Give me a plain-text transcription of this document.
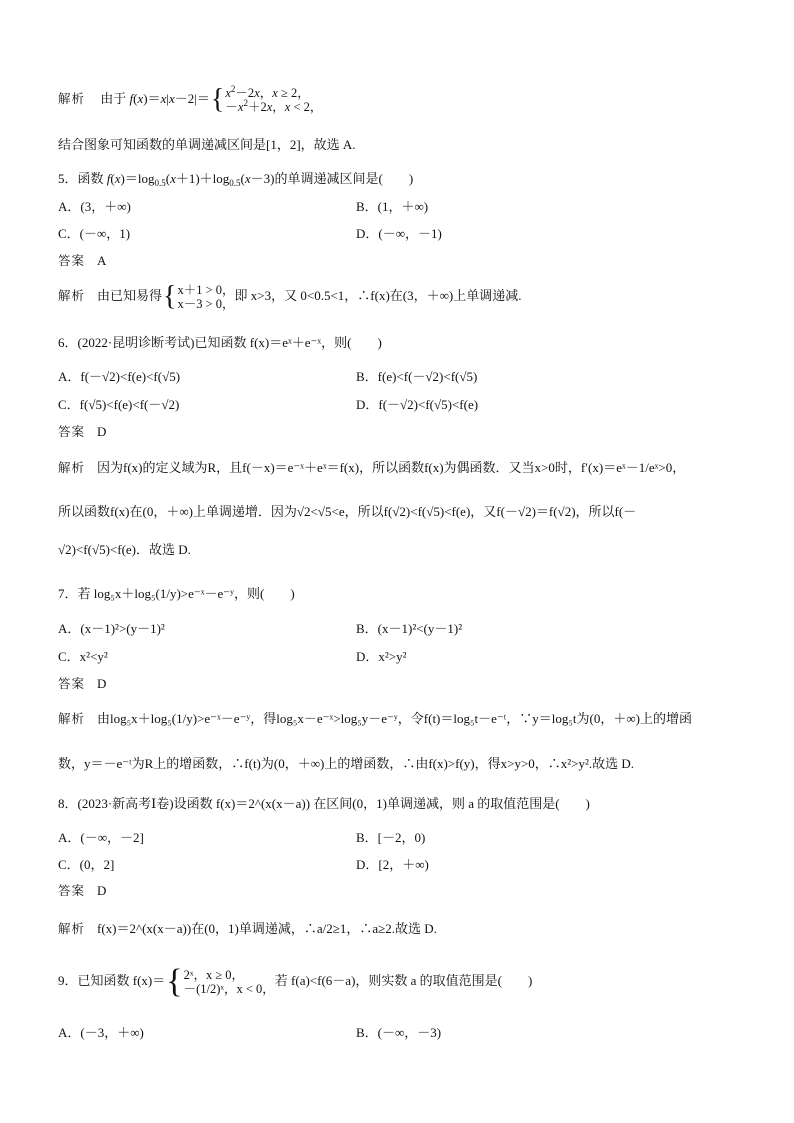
解析 由于 f(x)＝x|x－2|＝{ $x^2-2x$，x ≥ 2，
$-x^2+2x$，x < 2，
结合图象可知函数的单调递减区间是[1，2]，故选 A.
5．函数 $f(x)=\log_{0.5}(x+1)+\log_{0.5}(x-3)$的单调递减区间是(　　)
A．(3，＋∞)	B．(1，＋∞)
C．(－∞，1)	D．(－∞，－1)
答案 A
解析 由已知易得{ x＋1 > 0，
x－3 > 0，
即 x>3，又 0<0.5<1，∴f(x)在(3，＋∞)上单调递减.
6．(2022·昆明诊断考试)已知函数 f(x)＝eˣ＋e⁻ˣ，则(　　)
A．f(－√2)<f(e)<f(√5)	B．f(e)<f(－√2)<f(√5)
C．f(√5)<f(e)<f(－√2)	D．f(－√2)<f(√5)<f(e)
答案 D
解析 因为f(x)的定义域为R，且f(－x)＝e⁻ˣ＋eˣ＝f(x)，所以函数f(x)为偶函数．又当x>0时，f′(x)＝eˣ－1/eˣ>0，
所以函数f(x)在(0，＋∞)上单调递增．因为√2<√5<e，所以f(√2)<f(√5)<f(e)，又f(－√2)＝f(√2)，所以f(－
√2)<f(√5)<f(e)．故选 D.
7．若 log₅x＋log₅(1/y)>e⁻ˣ－e⁻ʸ，则(　　)
A．(x－1)²>(y－1)²	B．(x－1)²<(y－1)²
C．x²<y²	D．x²>y²
答案 D
解析 由log₅x＋log₅(1/y)>e⁻ˣ－e⁻ʸ，得log₅x－e⁻ˣ>log₅y－e⁻ʸ，令f(t)＝log₅t－e⁻ᵗ，∵y＝log₅t为(0，＋∞)上的增函
数，y＝－e⁻ᵗ为R上的增函数，∴f(t)为(0，＋∞)上的增函数，∴由f(x)>f(y)，得x>y>0，∴x²>y².故选 D.
8．(2023·新高考Ⅰ卷)设函数 f(x)＝2^(x(x－a)) 在区间(0，1)单调递减，则 a 的取值范围是(　　)
A．(－∞，－2]	B．[－2，0)
C．(0，2]	D．[2，＋∞)
答案 D
解析 f(x)＝2^(x(x－a))在(0，1)单调递减，∴a/2≥1，∴a≥2.故选 D.
9．已知函数 f(x)＝{ 2ˣ，x ≥ 0，
－(1/2)ˣ，x < 0，
若 f(a)<f(6－a)，则实数 a 的取值范围是(　　)
A．(－3，＋∞)	B．(－∞，－3)
